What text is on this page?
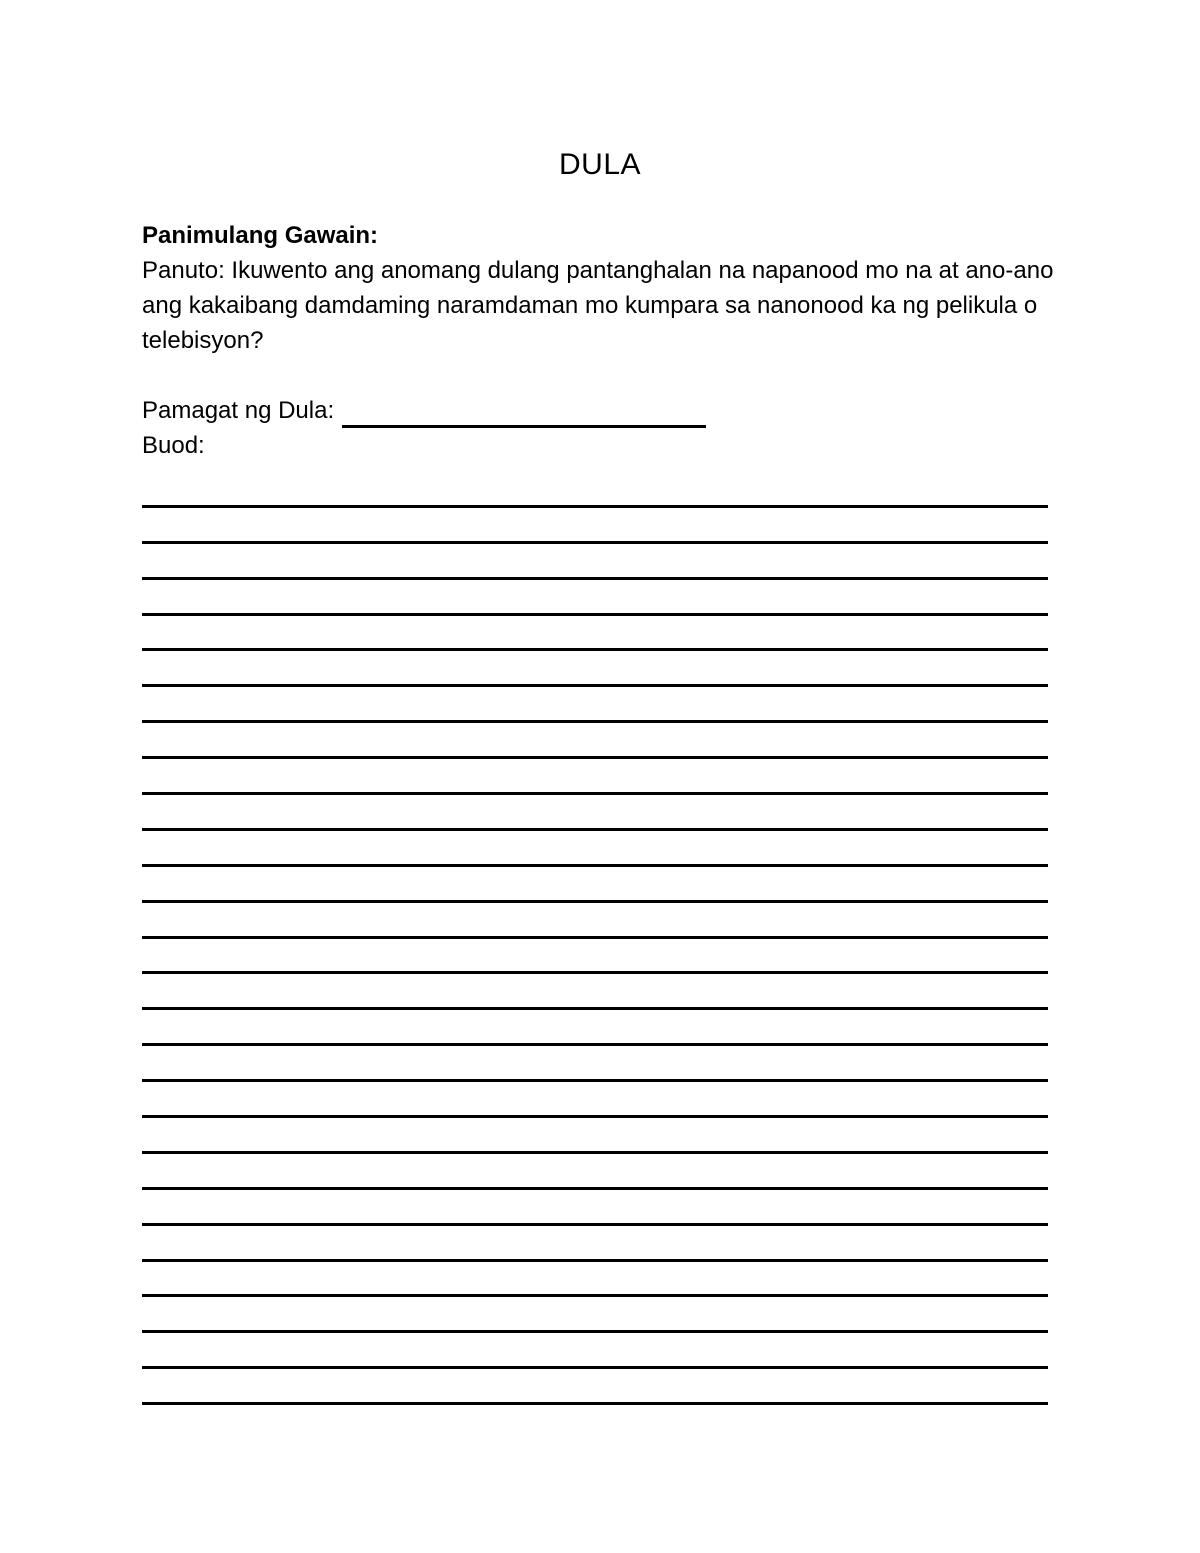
DULA
Panimulang Gawain:

Panuto: Ikuwento ang anomang dulang pantanghalan na napanood mo na at ano-ano ang kakaibang damdaming naramdaman mo kumpara sa nanonood ka ng pelikula o telebisyon?

Pamagat ng Dula:
Buod:
